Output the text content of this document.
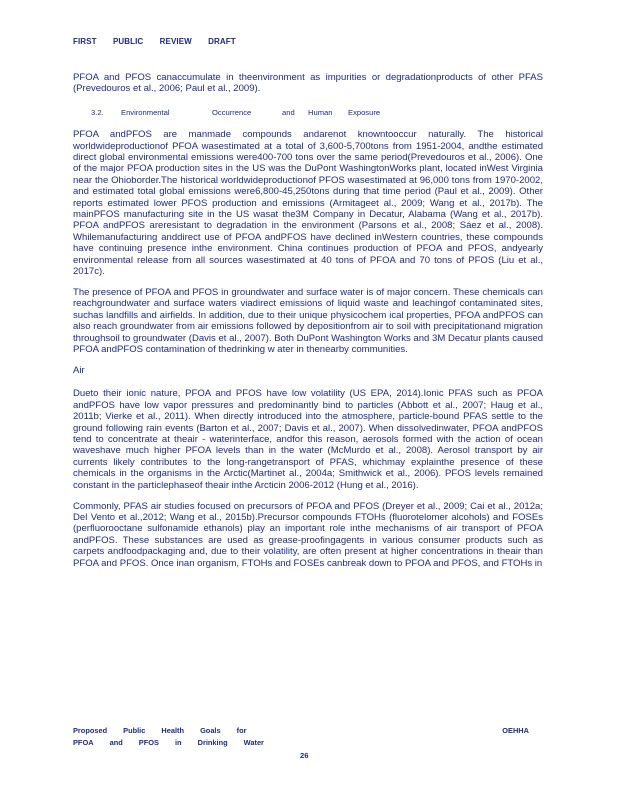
FIRST PUBLIC REVIEW DRAFT

PFOA and PFOS canaccumulate in theenvironment as impurities or degradationproducts of other PFAS (Prevedouros et al., 2006; Paul et al., 2009).

3.2.	Environmental	Occurrence	and	Human	Exposure

PFOA andPFOS are manmade compounds andarenot knowntooccur naturally. The historical worldwideproductionof PFOA wasestimated at a total of 3,600-5,700tons from 1951-2004, andthe estimated direct global environmental emissions were400-700 tons over the same period(Prevedouros et al., 2006). One of the major PFOA production sites in the US was the DuPont WashingtonWorks plant, located inWest Virginia near the Ohioborder.The historical worldwideproductionof PFOS wasestimated at 96,000 tons from 1970-2002, and estimated total global emissions were6,800-45,250tons during that time period (Paul et al., 2009). Other reports estimated lower PFOS production and emissions (Armitageet al., 2009; Wang et al., 2017b). The mainPFOS manufacturing site in the US wasat the3M Company in Decatur, Alabama (Wang et al., 2017b). PFOA andPFOS areresistant to degradation in the environment (Parsons et al., 2008; Sáez et al., 2008). Whilemanufacturing anddirect use of PFOA andPFOS have declined inWestern countries, these compounds have continuing presence inthe environment. China continues production of PFOA and PFOS, andyearly environmental release from all sources wasestimated at 40 tons of PFOA and 70 tons of PFOS (Liu et al., 2017c).

The presence of PFOA and PFOS in groundwater and surface water is of major concern. These chemicals can reachgroundwater and surface waters viadirect emissions of liquid waste and leachingof contaminated sites, suchas landfills and airfields. In addition, due to their unique physicochem ical properties, PFOA andPFOS can also reach groundwater from air emissions followed by depositionfrom air to soil with precipitationand migration throughsoil to groundwater (Davis et al., 2007). Both DuPont Washington Works and 3M Decatur plants caused PFOA andPFOS contamination of thedrinking w ater in thenearby communities.

Air

Dueto their ionic nature, PFOA and PFOS have low volatility (US EPA, 2014).Ionic PFAS such as PFOA andPFOS have low vapor pressures and predominantly bind to particles (Abbott et al., 2007; Haug et al., 2011b; Vierke et al., 2011). When directly introduced into the atmosphere, particle-bound PFAS settle to the ground following rain events (Barton et al., 2007; Davis et al., 2007). When dissolvedinwater, PFOA andPFOS tend to concentrate at theair - waterinterface, andfor this reason, aerosols formed with the action of ocean waveshave much higher PFOA levels than in the water (McMurdo et al., 2008). Aerosol transport by air currents likely contributes to the long-rangetransport of PFAS, whichmay explainthe presence of these chemicals in the organisms in the Arctic(Martinet al., 2004a; Smithwick et al., 2006). PFOS levels remained constant in the particlephaseof theair inthe Arcticin 2006-2012 (Hung et al., 2016).

Commonly, PFAS air studies focused on precursors of PFOA and PFOS (Dreyer et al., 2009; Cai et al., 2012a; Del Vento et al.,2012; Wang et al., 2015b).Precursor compounds FTOHs (fluorotelomer alcohols) and FOSEs (perfluorooctane sulfonamide ethanols) play an important role inthe mechanisms of air transport of PFOA andPFOS. These substances are used as grease-proofingagents in various consumer products such as carpets andfoodpackaging and, due to their volatility, are often present at higher concentrations in theair than PFOA and PFOS. Once inan organism, FTOHs and FOSEs canbreak down to PFOA and PFOS, and FTOHs in

Proposed Public Health Goals for	OEHHA
PFOA and PFOS in Drinking Water
26
